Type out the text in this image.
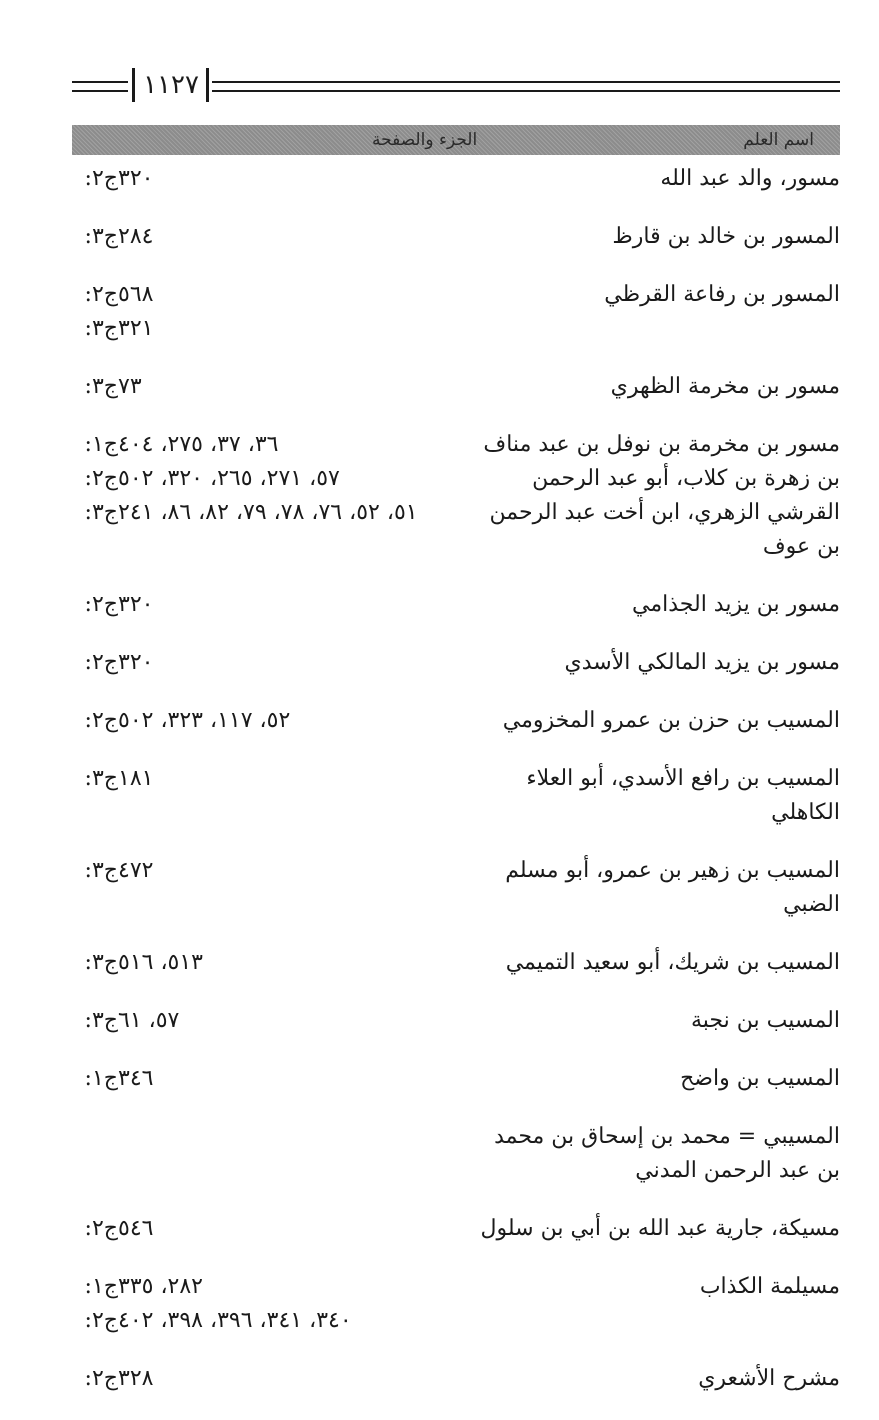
١١٢٧
اسم العلم
الجزء والصفحة
مسور، والد عبد الله
ج٢: ٣٢٠
المسور بن خالد بن قارظ
ج٣: ٢٨٤
المسور بن رفاعة القرظي
ج٢: ٥٦٨
ج٣: ٣٢١
مسور بن مخرمة الظهري
ج٣: ٧٣
مسور بن مخرمة بن نوفل بن عبد مناف بن زهرة بن كلاب، أبو عبد الرحمن القرشي الزهري، ابن أخت عبد الرحمن بن عوف
ج١: ٣٦، ٣٧، ٢٧٥، ٤٠٤
ج٢: ٥٧، ٢٧١، ٢٦٥، ٣٢٠، ٥٠٢
ج٣: ٥١، ٥٢، ٧٦، ٧٨، ٧٩، ٨٢، ٨٦، ٢٤١
مسور بن يزيد الجذامي
ج٢: ٣٢٠
مسور بن يزيد المالكي الأسدي
ج٢: ٣٢٠
المسيب بن حزن بن عمرو المخزومي
ج٢: ٥٢، ١١٧، ٣٢٣، ٥٠٢
المسيب بن رافع الأسدي، أبو العلاء الكاهلي
ج٣: ١٨١
المسيب بن زهير بن عمرو، أبو مسلم الضبي
ج٣: ٤٧٢
المسيب بن شريك، أبو سعيد التميمي
ج٣: ٥١٣، ٥١٦
المسيب بن نجبة
ج٣: ٥٧، ٦١
المسيب بن واضح
ج١: ٣٤٦
المسيبي = محمد بن إسحاق بن محمد بن عبد الرحمن المدني
مسيكة، جارية عبد الله بن أبي بن سلول
ج٢: ٥٤٦
مسيلمة الكذاب
ج١: ٢٨٢، ٣٣٥
ج٢: ٣٤٠، ٣٤١، ٣٩٦، ٣٩٨، ٤٠٢
مشرح الأشعري
ج٢: ٣٢٨
